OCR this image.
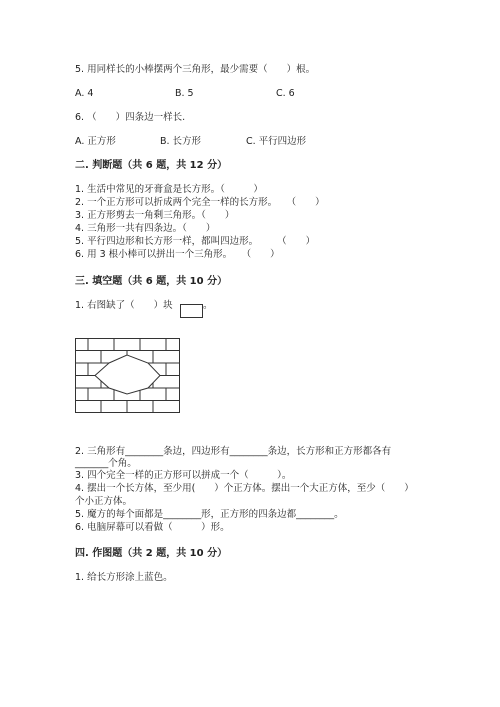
5. 用同样长的小棒摆两个三角形，最少需要（　　）根。
A. 4	B. 5	C. 6
6. （　　）四条边一样长.
A. 正方形	B. 长方形	C. 平行四边形
二. 判断题（共 6 题，共 12 分）
1. 生活中常见的牙膏盒是长方形。（　　　）
2. 一个正方形可以折成两个完全一样的长方形。　　（　　）
3. 正方形剪去一角剩三角形。（　　）
4. 三角形一共有四条边。（　　）
5. 平行四边形和长方形一样，都叫四边形。　　　（　　）
6. 用 3 根小棒可以拼出一个三角形。　　（　　）
三. 填空题（共 6 题，共 10 分）
1. 右图缺了（　　）块	。
2. 三角形有________条边，四边形有________条边，长方形和正方形都各有
_______个角。
3. 四个完全一样的正方形可以拼成一个（　　　）。
4. 摆出一个长方体，至少用(　　）个正方体。摆出一个大正方体，至少（　　）
个小正方体。
5. 魔方的每个面都是________形，正方形的四条边都________。
6. 电脑屏幕可以看做（　　　）形。
四. 作图题（共 2 题，共 10 分）
1. 给长方形涂上蓝色。
